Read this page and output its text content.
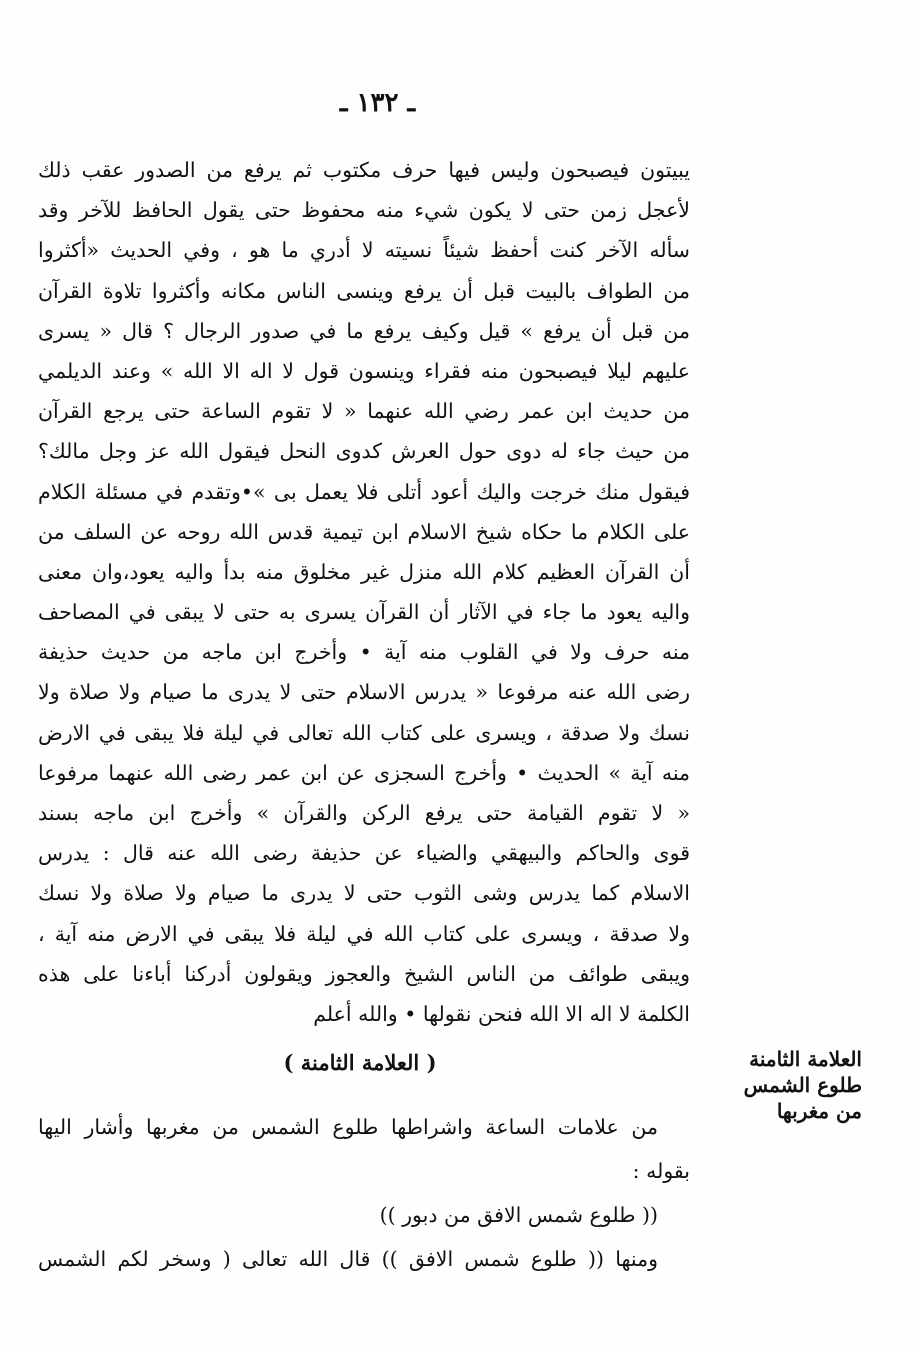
ـ ١٣٢ ـ
يبيتون فيصبحون وليس فيها حرف مكتوب ثم يرفع من الصدور عقب ذلك
لأعجل زمن حتى لا يكون شيء منه محفوظ حتى يقول الحافظ للآخر وقد
سأله الآخر كنت أحفظ شيئاً نسيته لا أدري ما هو ، وفي الحديث «أكثروا
من الطواف بالبيت قبل أن يرفع وينسى الناس مكانه وأكثروا تلاوة القرآن
من قبل أن يرفع » قيل وكيف يرفع ما في صدور الرجال ؟ قال « يسرى
عليهم ليلا فيصبحون منه فقراء وينسون قول لا اله الا الله » وعند الديلمي
من حديث ابن عمر رضي الله عنهما « لا تقوم الساعة حتى يرجع القرآن
من حيث جاء له دوى حول العرش كدوى النحل فيقول الله عز وجل مالك؟
فيقول منك خرجت واليك أعود أتلى فلا يعمل بى »•وتقدم في مسئلة الكلام
على الكلام ما حكاه شيخ الاسلام ابن تيمية قدس الله روحه عن السلف من
أن القرآن العظيم كلام الله منزل غير مخلوق منه بدأ واليه يعود،وان معنى
واليه يعود ما جاء في الآثار أن القرآن يسرى به حتى لا يبقى في المصاحف
منه حرف ولا في القلوب منه آية • وأخرج ابن ماجه من حديث حذيفة
رضى الله عنه مرفوعا « يدرس الاسلام حتى لا يدرى ما صيام ولا صلاة ولا
نسك ولا صدقة ، ويسرى على كتاب الله تعالى في ليلة فلا يبقى في الارض
منه آية » الحديث • وأخرج السجزى عن ابن عمر رضى الله عنهما مرفوعا
« لا تقوم القيامة حتى يرفع الركن والقرآن » وأخرج ابن ماجه بسند
قوى والحاكم والبيهقي والضياء عن حذيفة رضى الله عنه قال : يدرس
الاسلام كما يدرس وشى الثوب حتى لا يدرى ما صيام ولا صلاة ولا نسك
ولا صدقة ، ويسرى على كتاب الله في ليلة فلا يبقى في الارض منه آية ،
ويبقى طوائف من الناس الشيخ والعجوز ويقولون أدركنا أباءنا على هذه
الكلمة لا اله الا الله فنحن نقولها • والله أعلم
( العلامة الثامنة )	العلامة الثامنة
طلوع الشمس
من مغربها
من علامات الساعة واشراطها طلوع الشمس من مغربها وأشار اليها
بقوله :
(( طلوع شمس الافق من دبور ))
ومنها (( طلوع شمس الافق )) قال الله تعالى ( وسخر لكم الشمس
